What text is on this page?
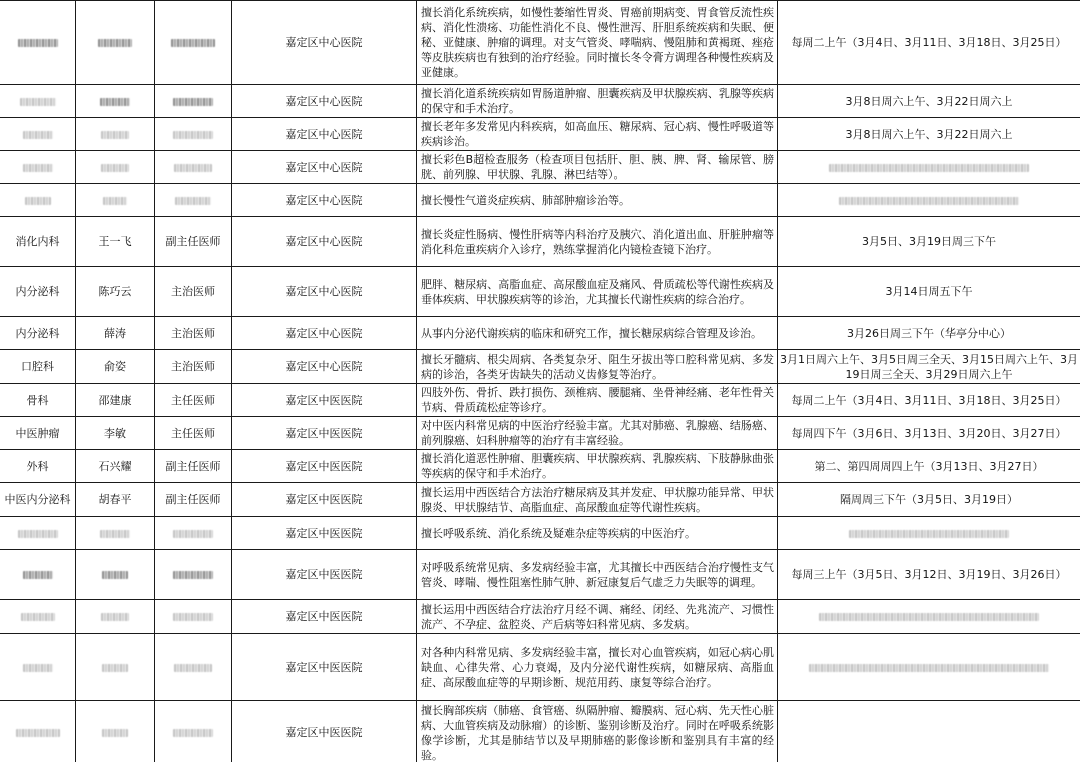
			嘉定区中心医院	擅长消化系统疾病，如慢性萎缩性胃炎、胃癌前期病变、胃食管反流性疾病、消化性溃疡、功能性消化不良、慢性泄泻、肝胆系统疾病和失眠、便秘、亚健康、肿瘤的调理。对支气管炎、哮喘病、慢阻肺和黄褐斑、痤疮等皮肤疾病也有独到的治疗经验。同时擅长冬令膏方调理各种慢性疾病及亚健康。	每周二上午（3月4日、3月11日、3月18日、3月25日）
			嘉定区中心医院	擅长消化道系统疾病如胃肠道肿瘤、胆囊疾病及甲状腺疾病、乳腺等疾病的保守和手术治疗。	3月8日周六上午、3月22日周六上
			嘉定区中心医院	擅长老年多发常见内科疾病，如高血压、糖尿病、冠心病、慢性呼吸道等疾病诊治。	3月8日周六上午、3月22日周六上
			嘉定区中心医院	擅长彩色B超检查服务（检查项目包括肝、胆、胰、脾、肾、输尿管、膀胱、前列腺、甲状腺、乳腺、淋巴结等）。	
			嘉定区中心医院	擅长慢性气道炎症疾病、肺部肿瘤诊治等。	
消化内科	王一飞	副主任医师	嘉定区中心医院	擅长炎症性肠病、慢性肝病等内科治疗及胰穴、消化道出血、肝脏肿瘤等消化科危重疾病介入诊疗，熟练掌握消化内镜检查镜下治疗。	3月5日、3月19日周三下午
内分泌科	陈巧云	主治医师	嘉定区中心医院	肥胖、糖尿病、高脂血症、高尿酸血症及痛风、骨质疏松等代谢性疾病及垂体疾病、甲状腺疾病等的诊治，尤其擅长代谢性疾病的综合治疗。	3月14日周五下午
内分泌科	薛涛	主治医师	嘉定区中心医院	从事内分泌代谢疾病的临床和研究工作，擅长糖尿病综合管理及诊治。	3月26日周三下午（华亭分中心）
口腔科	俞姿	主治医师	嘉定区中心医院	擅长牙髓病、根尖周病、各类复杂牙、阻生牙拔出等口腔科常见病、多发病的诊治，各类牙齿缺失的活动义齿修复等治疗。	3月1日周六上午、3月5日周三全天、3月15日周六上午、3月19日周三全天、3月29日周六上午
骨科	邵建康	主任医师	嘉定区中医医院	四肢外伤、骨折、跌打损伤、颈椎病、腰腿痛、坐骨神经痛、老年性骨关节病、骨质疏松症等诊疗。	每周二上午（3月4日、3月11日、3月18日、3月25日）
中医肿瘤	李敏	主任医师	嘉定区中医医院	对中医内科常见病的中医治疗经验丰富。尤其对肺癌、乳腺癌、结肠癌、前列腺癌、妇科肿瘤等的治疗有丰富经验。	每周四下午（3月6日、3月13日、3月20日、3月27日）
外科	石兴耀	副主任医师	嘉定区中医医院	擅长消化道恶性肿瘤、胆囊疾病、甲状腺疾病、乳腺疾病、下肢静脉曲张等疾病的保守和手术治疗。	第二、第四周周四上午（3月13日、3月27日）
中医内分泌科	胡春平	副主任医师	嘉定区中医医院	擅长运用中西医结合方法治疗糖尿病及其并发症、甲状腺功能异常、甲状腺炎、甲状腺结节、高脂血症、高尿酸血症等代谢性疾病。	隔周周三下午（3月5日、3月19日）
			嘉定区中医医院	擅长呼吸系统、消化系统及疑难杂症等疾病的中医治疗。	
			嘉定区中医医院	对呼吸系统常见病、多发病经验丰富，尤其擅长中西医结合治疗慢性支气管炎、哮喘、慢性阻塞性肺气肿、新冠康复后气虚乏力失眠等的调理。	每周三上午（3月5日、3月12日、3月19日、3月26日）
			嘉定区中医医院	擅长运用中西医结合疗法治疗月经不调、痛经、闭经、先兆流产、习惯性流产、不孕症、盆腔炎、产后病等妇科常见病、多发病。	
			嘉定区中医医院	对各种内科常见病、多发病经验丰富，擅长对心血管疾病，如冠心病心肌缺血、心律失常、心力衰竭，及内分泌代谢性疾病，如糖尿病、高脂血症、高尿酸血症等的早期诊断、规范用药、康复等综合治疗。	
			嘉定区中医医院	擅长胸部疾病（肺癌、食管癌、纵隔肿瘤、瓣膜病、冠心病、先天性心脏病、大血管疾病及动脉瘤）的诊断、鉴别诊断及治疗。同时在呼吸系统影像学诊断，尤其是肺结节以及早期肺癌的影像诊断和鉴别具有丰富的经验。	
